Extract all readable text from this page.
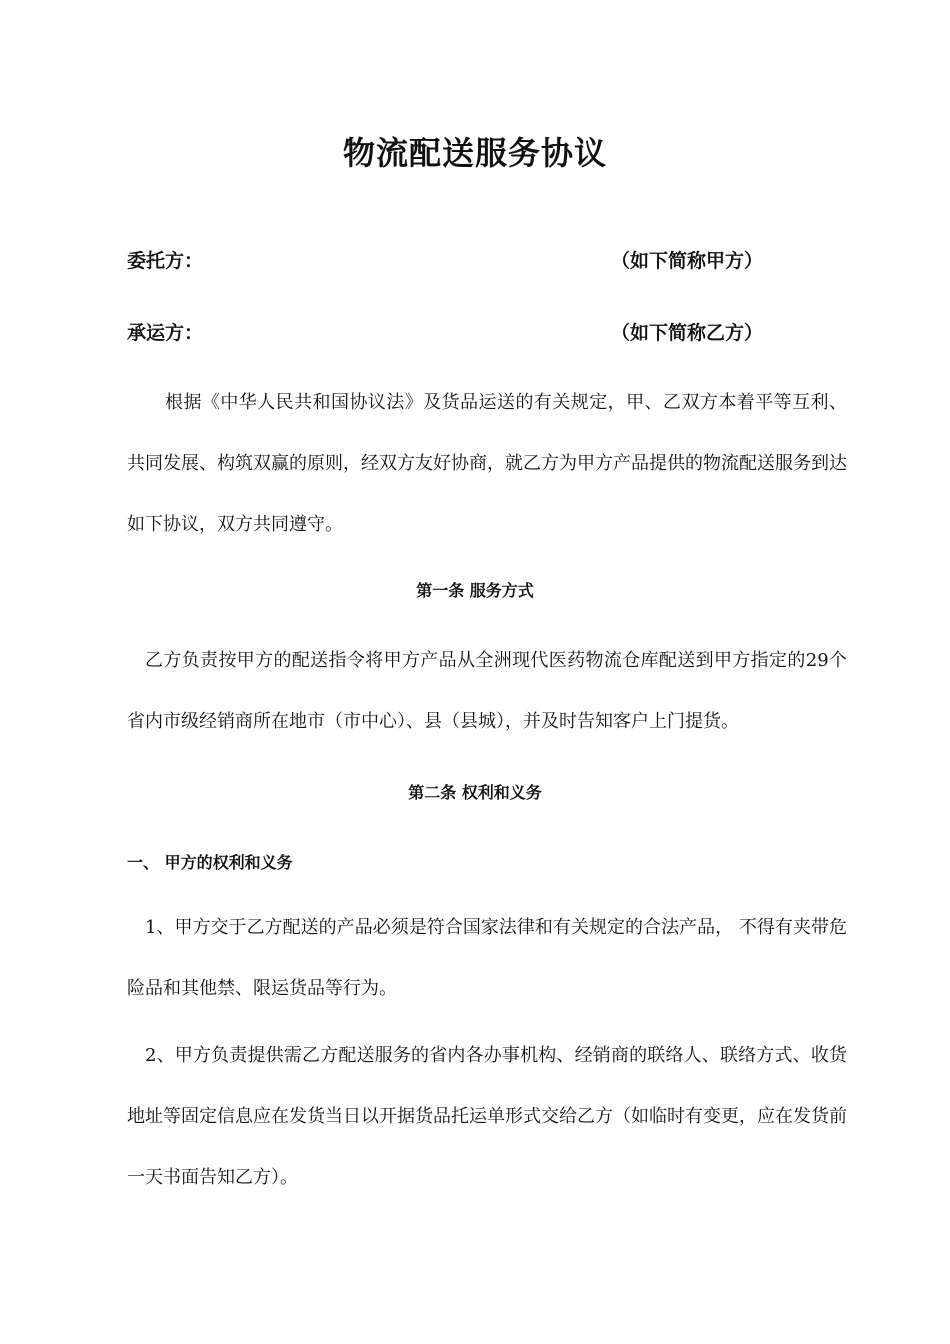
物流配送服务协议
委托方：	（如下简称甲方）
承运方：	（如下简称乙方）

根据《中华人民共和国协议法》及货品运送的有关规定，甲、乙双方本着平等互利、共同发展、构筑双赢的原则，经双方友好协商，就乙方为甲方产品提供的物流配送服务到达如下协议，双方共同遵守。

第一条 服务方式

乙方负责按甲方的配送指令将甲方产品从全洲现代医药物流仓库配送到甲方指定的29个省内市级经销商所在地市（市中心）、县（县城），并及时告知客户上门提货。

第二条 权利和义务
一、 甲方的权利和义务

1、甲方交于乙方配送的产品必须是符合国家法律和有关规定的合法产品， 不得有夹带危险品和其他禁、限运货品等行为。

2、甲方负责提供需乙方配送服务的省内各办事机构、经销商的联络人、联络方式、收货地址等固定信息应在发货当日以开据货品托运单形式交给乙方（如临时有变更，应在发货前一天书面告知乙方）。
